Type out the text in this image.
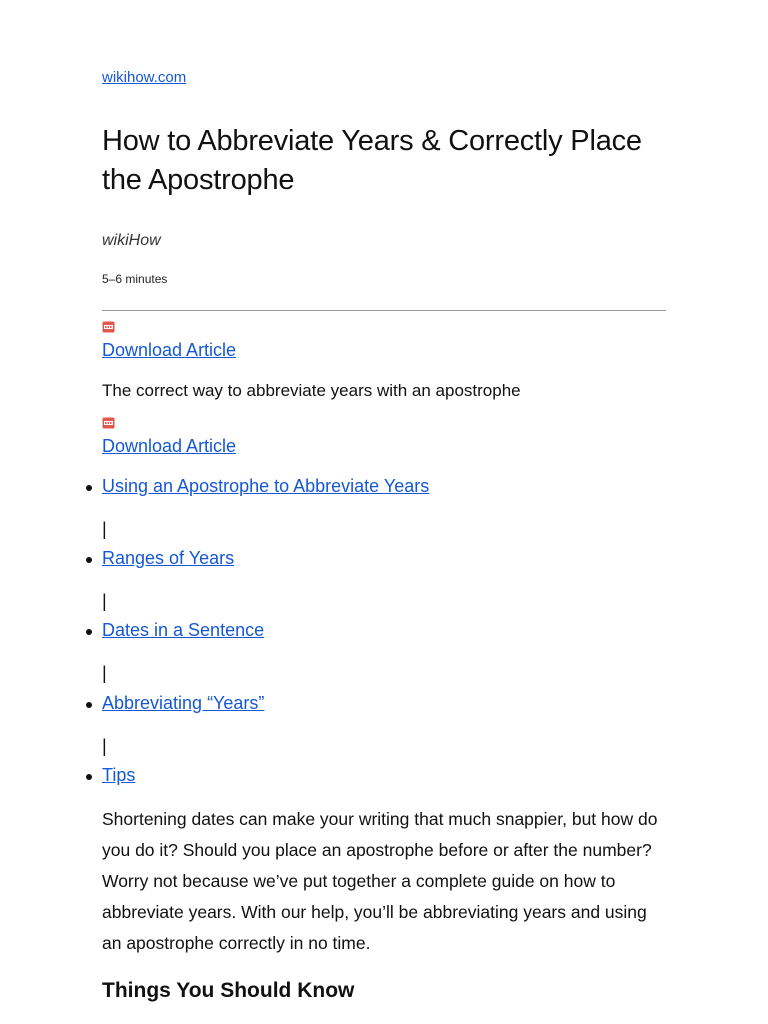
wikihow.com
How to Abbreviate Years & Correctly Place the Apostrophe
wikiHow
5–6 minutes
Download Article
The correct way to abbreviate years with an apostrophe
Download Article
Using an Apostrophe to Abbreviate Years
|
Ranges of Years
|
Dates in a Sentence
|
Abbreviating “Years”
|
Tips

Shortening dates can make your writing that much snappier, but how do you do it? Should you place an apostrophe before or after the number? Worry not because we’ve put together a complete guide on how to abbreviate years. With our help, you’ll be abbreviating years and using an apostrophe correctly in no time.

Things You Should Know
